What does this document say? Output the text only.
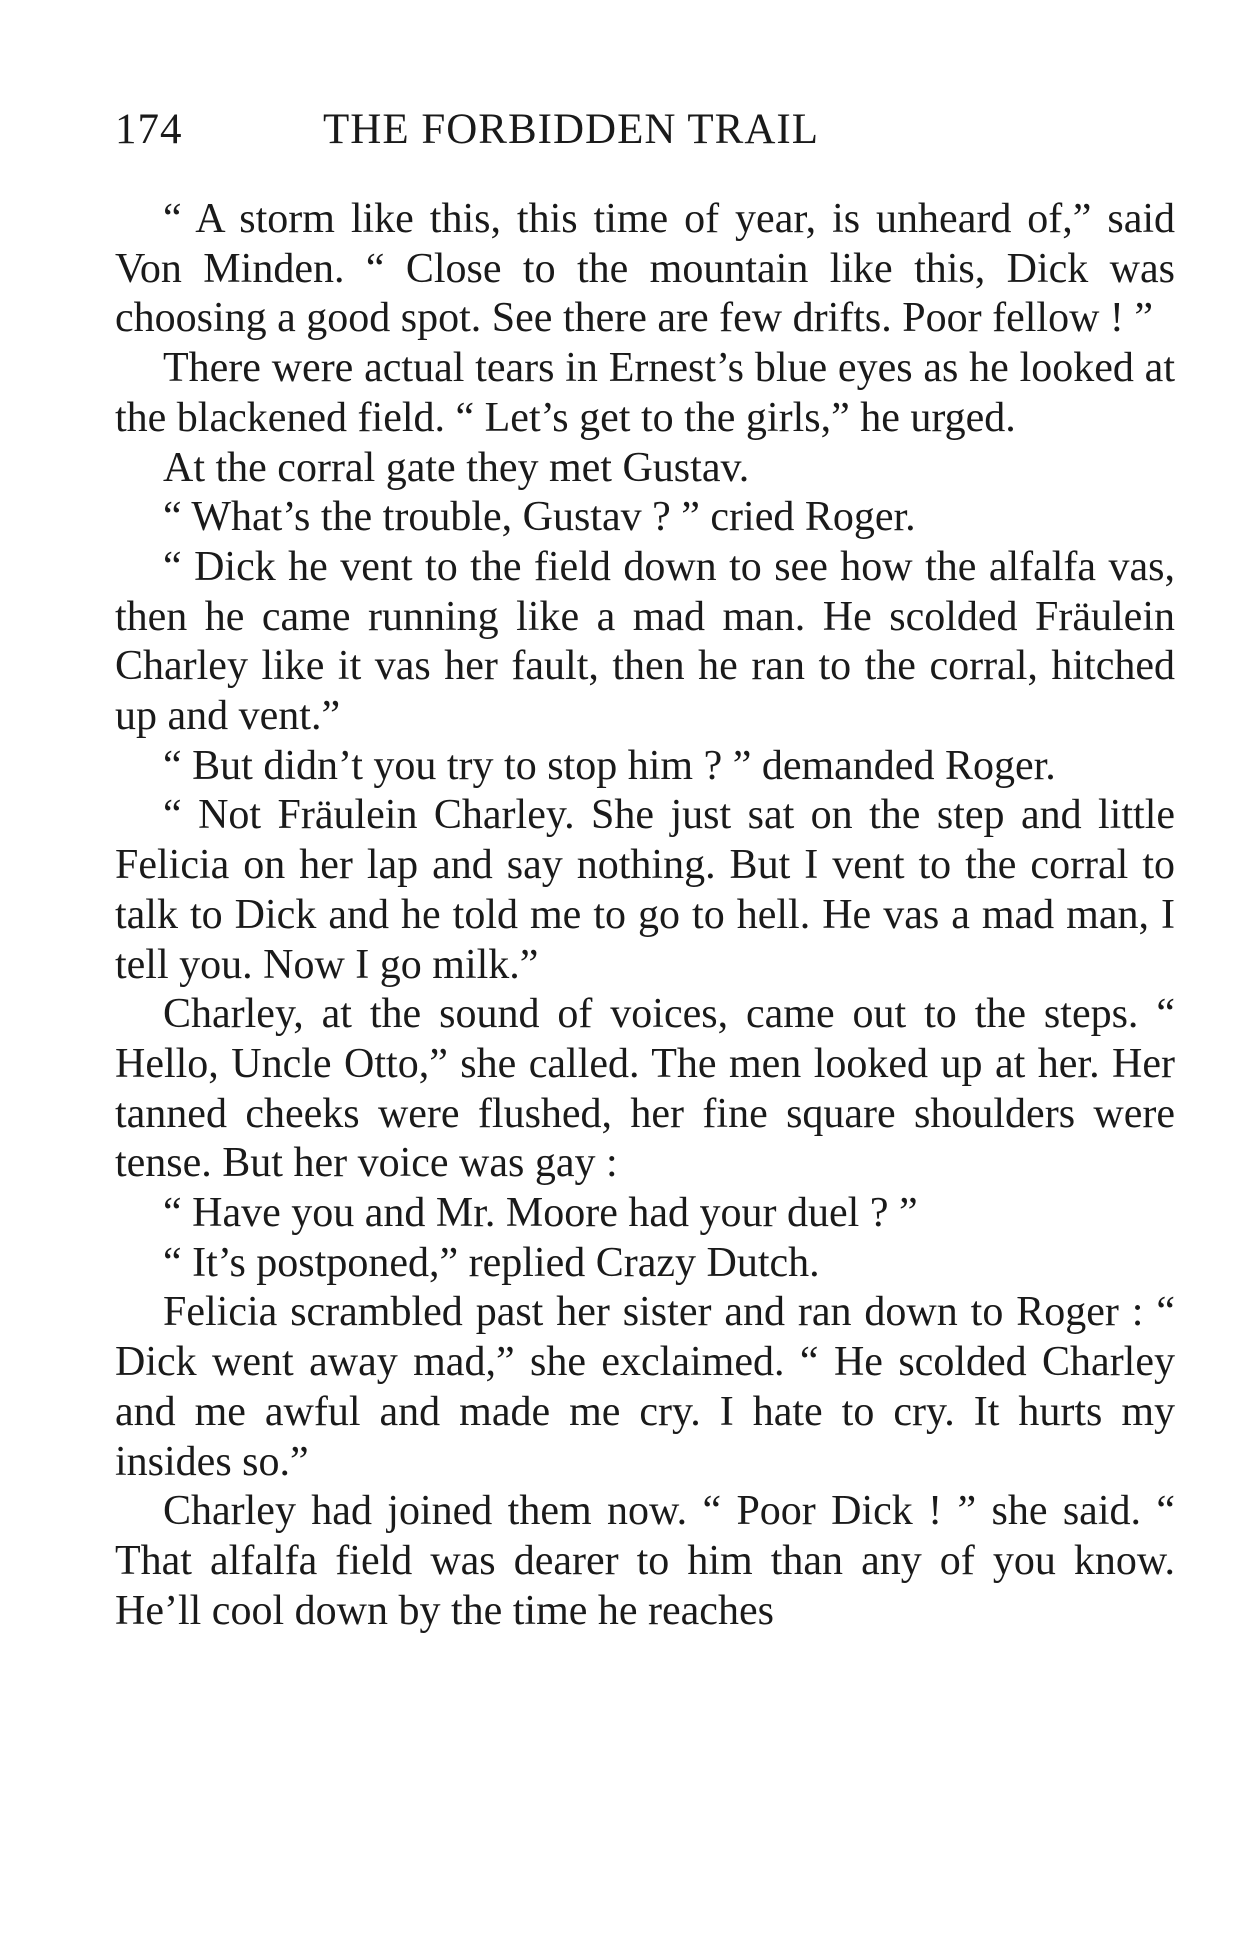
174	THE FORBIDDEN TRAIL

“ A storm like this, this time of year, is unheard of,” said Von Minden. “ Close to the mountain like this, Dick was choosing a good spot. See there are few drifts. Poor fellow ! ”

There were actual tears in Ernest’s blue eyes as he looked at the blackened field. “ Let’s get to the girls,” he urged.

At the corral gate they met Gustav.

“ What’s the trouble, Gustav ? ” cried Roger.

“ Dick he vent to the field down to see how the alfalfa vas, then he came running like a mad man. He scolded Fräulein Charley like it vas her fault, then he ran to the corral, hitched up and vent.”

“ But didn’t you try to stop him ? ” demanded Roger.

“ Not Fräulein Charley. She just sat on the step and little Felicia on her lap and say nothing. But I vent to the corral to talk to Dick and he told me to go to hell. He vas a mad man, I tell you. Now I go milk.”

Charley, at the sound of voices, came out to the steps. “ Hello, Uncle Otto,” she called. The men looked up at her. Her tanned cheeks were flushed, her fine square shoulders were tense. But her voice was gay :

“ Have you and Mr. Moore had your duel ? ”

“ It’s postponed,” replied Crazy Dutch.

Felicia scrambled past her sister and ran down to Roger : “ Dick went away mad,” she exclaimed. “ He scolded Charley and me awful and made me cry. I hate to cry. It hurts my insides so.”

Charley had joined them now. “ Poor Dick ! ” she said. “ That alfalfa field was dearer to him than any of you know. He’ll cool down by the time he reaches
